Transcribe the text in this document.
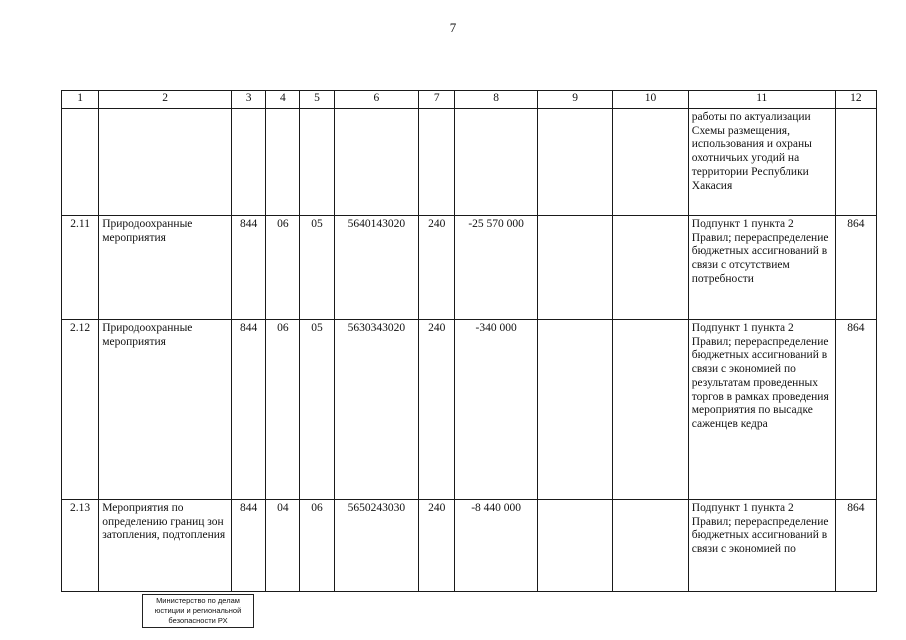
7
1	2	3	4	5	6	7	8	9	10	11	12
										работы по актуализации Схемы размещения, использования и охраны охотничьих угодий на территории Республики Хакасия	
2.11	Природоохранные мероприятия	844	06	05	5640143020	240	-25 570 000			Подпункт 1 пункта 2 Правил; перераспределение бюджетных ассигнований в связи с отсутствием потребности	864
2.12	Природоохранные мероприятия	844	06	05	5630343020	240	-340 000			Подпункт 1 пункта 2 Правил; перераспределение бюджетных ассигнований в связи с экономией по результатам проведенных торгов в рамках проведения мероприятия по высадке саженцев кедра	864
2.13	Мероприятия по определению границ зон затопления, подтопления	844	04	06	5650243030	240	-8 440 000			Подпункт 1 пункта 2 Правил; перераспределение бюджетных ассигнований в связи с экономией по	864
Министерство по делам
юстиции и региональной
безопасности РХ
